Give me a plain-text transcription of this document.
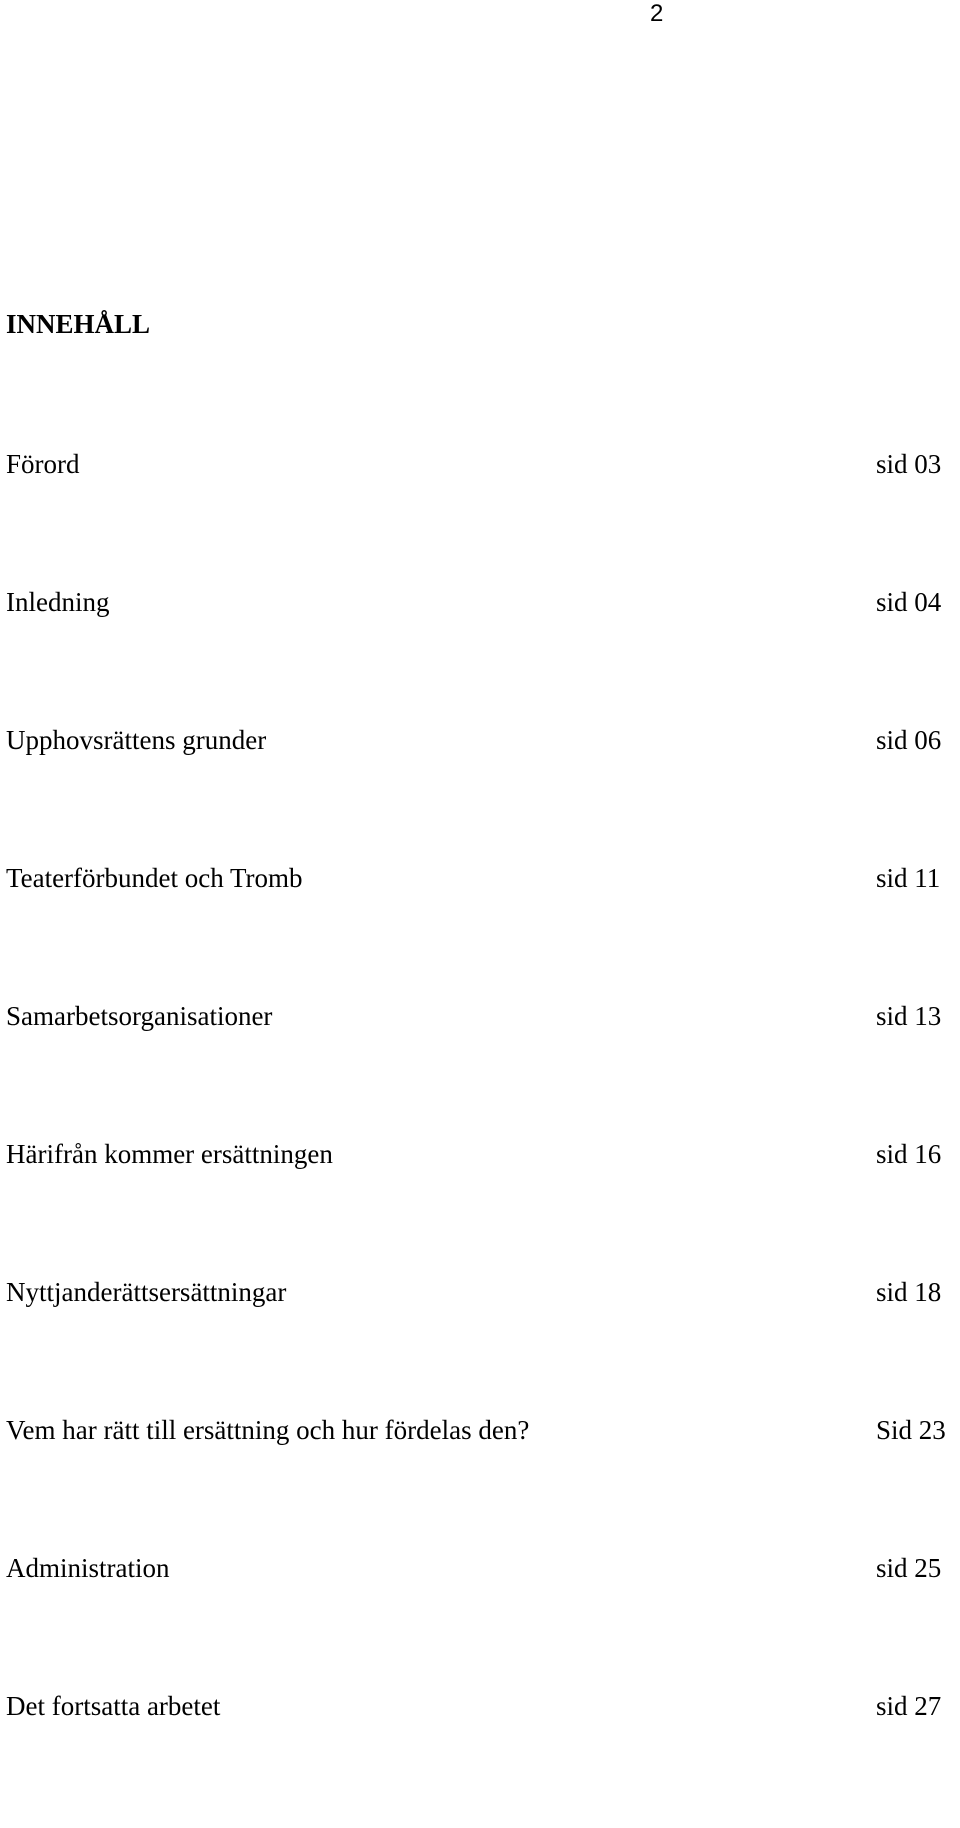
2
INNEHÅLL
Förord	sid 03
Inledning	sid 04
Upphovsrättens grunder	sid 06
Teaterförbundet och Tromb	sid 11
Samarbetsorganisationer	sid 13
Härifrån kommer ersättningen	sid 16
Nyttjanderättsersättningar	sid 18
Vem har rätt till ersättning och hur fördelas den?	Sid 23
Administration	sid 25
Det fortsatta arbetet	sid 27
